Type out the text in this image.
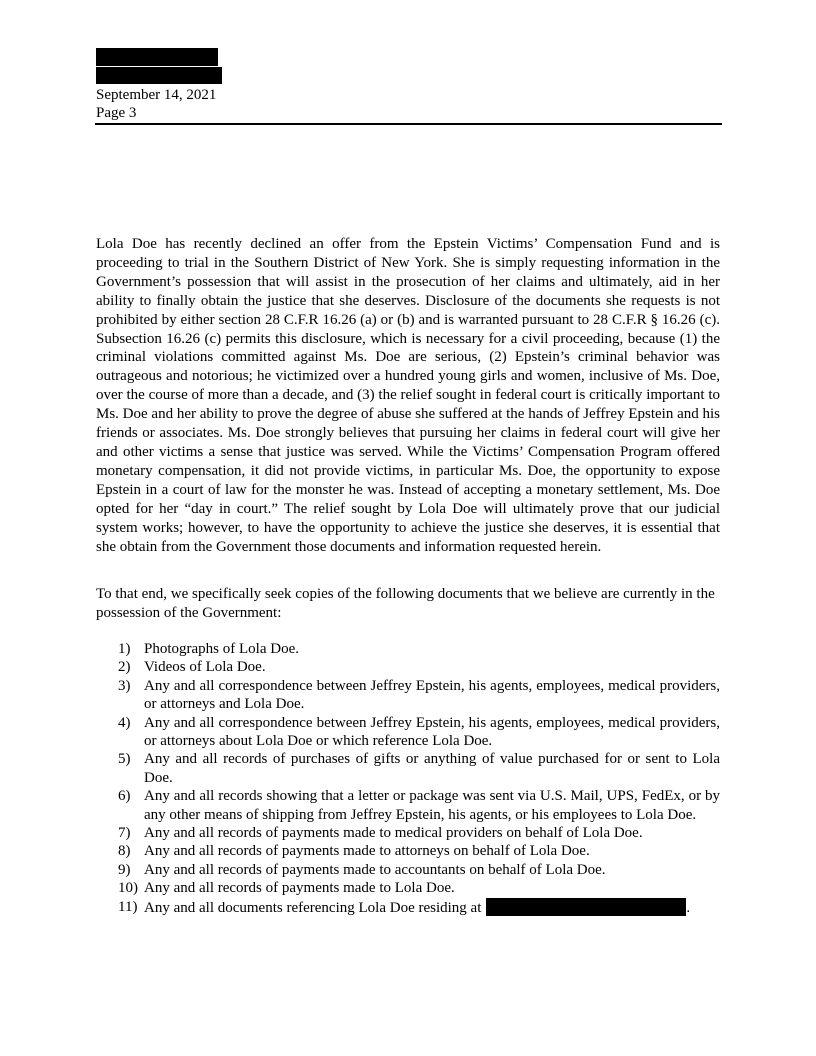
September 14, 2021
Page 3

Lola Doe has recently declined an offer from the Epstein Victims’ Compensation Fund and is proceeding to trial in the Southern District of New York. She is simply requesting information in the Government’s possession that will assist in the prosecution of her claims and ultimately, aid in her ability to finally obtain the justice that she deserves. Disclosure of the documents she requests is not prohibited by either section 28 C.F.R 16.26 (a) or (b) and is warranted pursuant to 28 C.F.R § 16.26 (c). Subsection 16.26 (c) permits this disclosure, which is necessary for a civil proceeding, because (1) the criminal violations committed against Ms. Doe are serious, (2) Epstein’s criminal behavior was outrageous and notorious; he victimized over a hundred young girls and women, inclusive of Ms. Doe, over the course of more than a decade, and (3) the relief sought in federal court is critically important to Ms. Doe and her ability to prove the degree of abuse she suffered at the hands of Jeffrey Epstein and his friends or associates. Ms. Doe strongly believes that pursuing her claims in federal court will give her and other victims a sense that justice was served. While the Victims’ Compensation Program offered monetary compensation, it did not provide victims, in particular Ms. Doe, the opportunity to expose Epstein in a court of law for the monster he was. Instead of accepting a monetary settlement, Ms. Doe opted for her “day in court.” The relief sought by Lola Doe will ultimately prove that our judicial system works; however, to have the opportunity to achieve the justice she deserves, it is essential that she obtain from the Government those documents and information requested herein.

To that end, we specifically seek copies of the following documents that we believe are currently in the possession of the Government:

1) Photographs of Lola Doe.
2) Videos of Lola Doe.
3) Any and all correspondence between Jeffrey Epstein, his agents, employees, medical providers, or attorneys and Lola Doe.
4) Any and all correspondence between Jeffrey Epstein, his agents, employees, medical providers, or attorneys about Lola Doe or which reference Lola Doe.
5) Any and all records of purchases of gifts or anything of value purchased for or sent to Lola Doe.
6) Any and all records showing that a letter or package was sent via U.S. Mail, UPS, FedEx, or by any other means of shipping from Jeffrey Epstein, his agents, or his employees to Lola Doe.
7) Any and all records of payments made to medical providers on behalf of Lola Doe.
8) Any and all records of payments made to attorneys on behalf of Lola Doe.
9) Any and all records of payments made to accountants on behalf of Lola Doe.
10) Any and all records of payments made to Lola Doe.
11) Any and all documents referencing Lola Doe residing at	.
